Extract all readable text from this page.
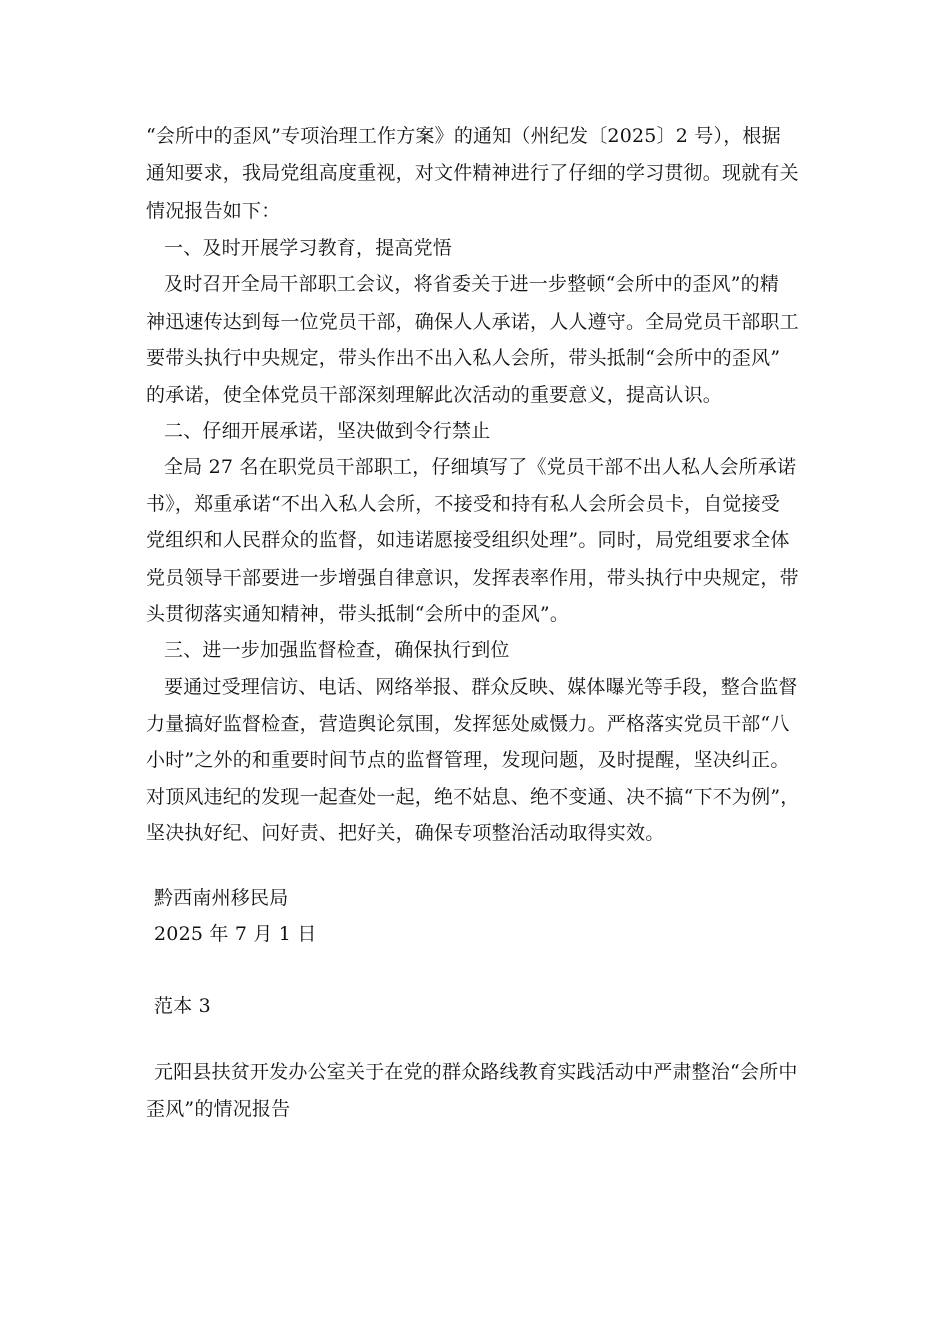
“会所中的歪风”专项治理工作方案》的通知（州纪发〔2025〕2 号），根据
通知要求，我局党组高度重视，对文件精神进行了仔细的学习贯彻。现就有关
情况报告如下：
一、及时开展学习教育，提高党悟
及时召开全局干部职工会议，将省委关于进一步整顿“会所中的歪风”的精
神迅速传达到每一位党员干部，确保人人承诺，人人遵守。全局党员干部职工
要带头执行中央规定，带头作出不出入私人会所，带头抵制“会所中的歪风”
的承诺，使全体党员干部深刻理解此次活动的重要意义，提高认识。
二、仔细开展承诺，坚决做到令行禁止
全局 27 名在职党员干部职工，仔细填写了《党员干部不出人私人会所承诺
书》，郑重承诺“不出入私人会所，不接受和持有私人会所会员卡，自觉接受
党组织和人民群众的监督，如违诺愿接受组织处理”。同时，局党组要求全体
党员领导干部要进一步增强自律意识，发挥表率作用，带头执行中央规定，带
头贯彻落实通知精神，带头抵制“会所中的歪风”。
三、进一步加强监督检查，确保执行到位
要通过受理信访、电话、网络举报、群众反映、媒体曝光等手段，整合监督
力量搞好监督检查，营造舆论氛围，发挥惩处威慑力。严格落实党员干部“八
小时”之外的和重要时间节点的监督管理，发现问题，及时提醒，坚决纠正。
对顶风违纪的发现一起查处一起，绝不姑息、绝不变通、决不搞“下不为例”，
坚决执好纪、问好责、把好关，确保专项整治活动取得实效。
黔西南州移民局
2025 年 7 月 1 日
范本 3
元阳县扶贫开发办公室关于在党的群众路线教育实践活动中严肃整治“会所中
歪风”的情况报告
